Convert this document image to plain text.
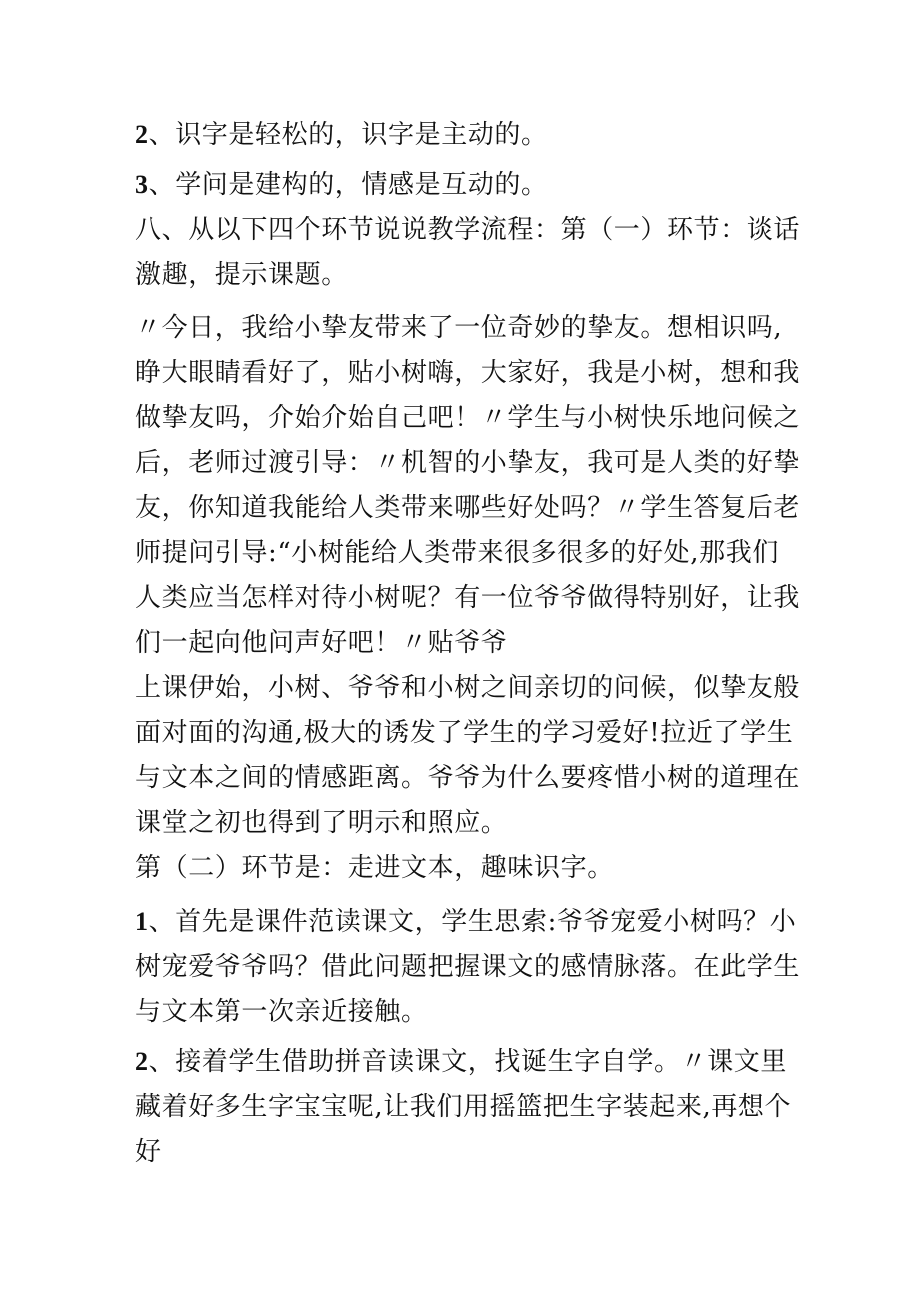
2、识字是轻松的，识字是主动的。

3、学问是建构的，情感是互动的。

八、从以下四个环节说说教学流程：第（一）环节：谈话激趣，提示课题。

〃今日，我给小挚友带来了一位奇妙的挚友。想相识吗,睁大眼睛看好了，贴小树嗨，大家好，我是小树，想和我做挚友吗，介始介始自己吧！〃学生与小树快乐地问候之后，老师过渡引导：〃机智的小挚友，我可是人类的好挚友，你知道我能给人类带来哪些好处吗？〃学生答复后老师提问引导:“小树能给人类带来很多很多的好处,那我们人类应当怎样对待小树呢？有一位爷爷做得特别好，让我们一起向他问声好吧！〃贴爷爷

上课伊始，小树、爷爷和小树之间亲切的问候，似挚友般面对面的沟通,极大的诱发了学生的学习爱好!拉近了学生与文本之间的情感距离。爷爷为什么要疼惜小树的道理在课堂之初也得到了明示和照应。

第（二）环节是：走进文本，趣味识字。

1、首先是课件范读课文，学生思索:爷爷宠爱小树吗？小树宠爱爷爷吗？借此问题把握课文的感情脉落。在此学生与文本第一次亲近接触。

2、接着学生借助拼音读课文，找诞生字自学。〃课文里藏着好多生字宝宝呢,让我们用摇篮把生字装起来,再想个好
